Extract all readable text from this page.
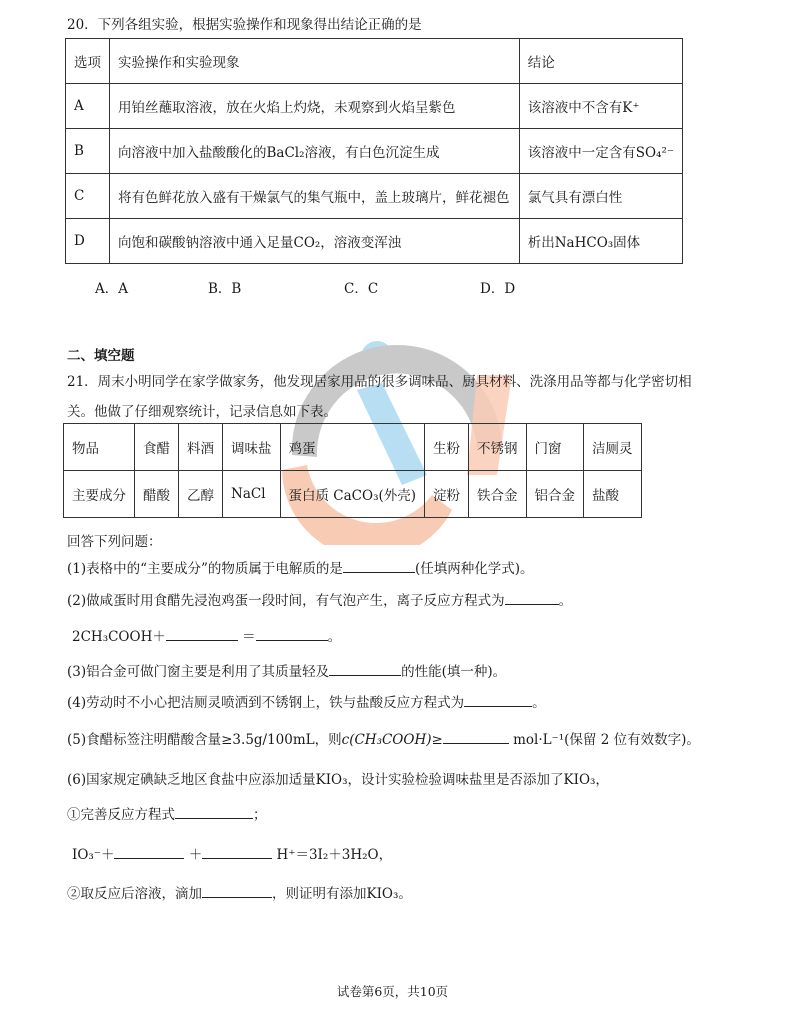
20．下列各组实验，根据实验操作和现象得出结论正确的是
选项	实验操作和实验现象	结论
A	用铂丝蘸取溶液，放在火焰上灼烧，未观察到火焰呈紫色	该溶液中不含有K⁺
B	向溶液中加入盐酸酸化的BaCl₂溶液，有白色沉淀生成	该溶液中一定含有SO₄²⁻
C	将有色鲜花放入盛有干燥氯气的集气瓶中，盖上玻璃片，鲜花褪色	氯气具有漂白性
D	向饱和碳酸钠溶液中通入足量CO₂，溶液变浑浊	析出NaHCO₃固体
A．A	B．B	C．C	D．D
二、填空题
21．周末小明同学在家学做家务，他发现居家用品的很多调味品、厨具材料、洗涤用品等都与化学密切相
关。他做了仔细观察统计，记录信息如下表。
物品	食醋	料酒	调味盐	鸡蛋	生粉	不锈钢	门窗	洁厕灵
主要成分	醋酸	乙醇	NaCl	蛋白质 CaCO₃(外壳)	淀粉	铁合金	铝合金	盐酸
回答下列问题：
(1)表格中的“主要成分”的物质属于电解质的是	(任填两种化学式)。
(2)做咸蛋时用食醋先浸泡鸡蛋一段时间，有气泡产生，离子反应方程式为	。
2CH₃COOH＋	＝	。
(3)铝合金可做门窗主要是利用了其质量轻及	的性能(填一种)。
(4)劳动时不小心把洁厕灵喷洒到不锈钢上，铁与盐酸反应方程式为	。
(5)食醋标签注明醋酸含量≥3.5g/100mL，则c(CH₃COOH)≥	mol·L⁻¹(保留 2 位有效数字)。
(6)国家规定碘缺乏地区食盐中应添加适量KIO₃，设计实验检验调味盐里是否添加了KIO₃，
①完善反应方程式	；
IO₃⁻＋	＋	H⁺＝3I₂＋3H₂O，
②取反应后溶液，滴加	，则证明有添加KIO₃。
试卷第6页，共10页
